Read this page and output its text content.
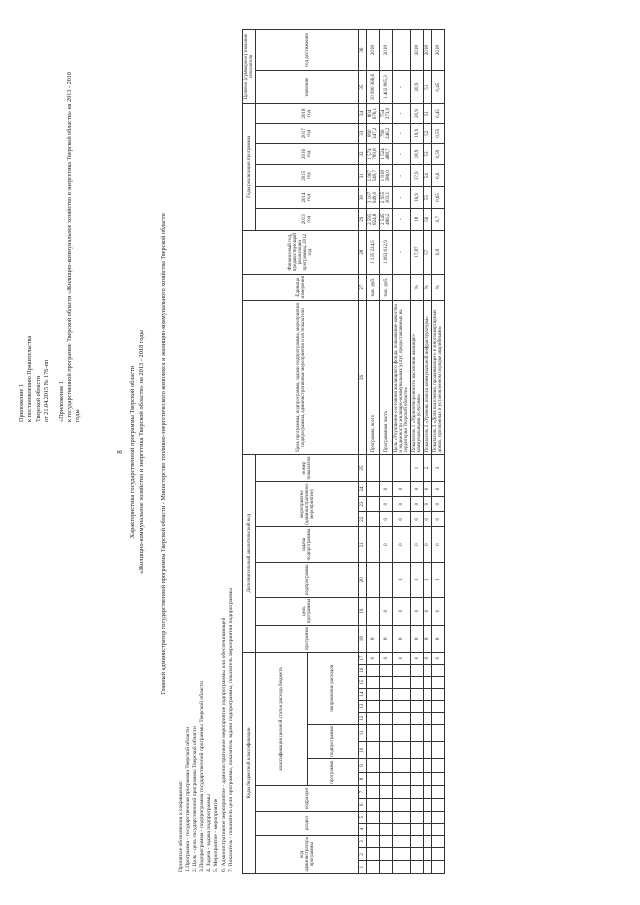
8
Приложение 1 к постановлению Правительства Тверской области от 21.04.2015 № 176-пп «Приложение 1 к государственной программе Тверской области «Жилищно-коммунальное хозяйство и энергетика Тверской области» на 2013 - 2018 годы	Характеристика государственной программы Тверской области «Жилищно-коммунальное хозяйство и энергетика Тверской области» на 2013 - 2018 годы Главный администратор государственной программы Тверской области - Министерство топливно-энергетического комплекса и жилищно-коммунального хозяйства Тверской области
Принятые обозначения и сокращения: 1.Программа - государственная программа Тверской области 2. Цель - цель государственной программы Тверской области 3.Подпрограмма - подпрограмма государственной программы Тверской области 4. Задача - задача подпрограммы 5. Мероприятие - мероприятие 6. Административное мероприятие - административное мероприятие подпрограммы или обеспечивающей 7. Показатель - показатель цели программы, показатель задачи подпрограммы, показатель мероприятия подпрограммы	Коды бюджетной классификации																	Дополнительный аналитический код								Цель программы, подпрограмма, задачи подпрограммы, мероприятия подпрограммы, административные мероприятия и их показатели	Единица измерения	Финансовый год, предшествующий реализации программы, 2012 год	Годы реализации программы						Целевое (суммарное) значение показателя	
код администратора программы			раздел		подраздел		классификация целевой статьи расхода бюджета										программа	цель программы	подпрограмма	задача подпрограммы	мероприятие (административное мероприятие)			номер показателя				2013 год	2014 год	2015 год	2016 год	2017 год	2018 год	значение	год достижения
							программа		подпрограмма		направление расходов																								
1	2	3	4	5	6	7	8	9	10	11	12	13	14	15	16	17	18	19	20	21	22	23	24	25	26	27	28	29	30	31	32	33	34	35	36
																0	8								Программа, всего	тыс. руб.	1 135 224,5	2 595 824,8	3 107 949,0	1 967 549,7	1 574 789,8	890 347,2	804 676,1	10 990 366,6	2018
																0	8	0		0	0	0	0		Программная часть	тыс. руб.	1 063 612,9	2 545 486,2	2 955 303,1	1 918 386,0	1 524 488,7	799 246,2	754 273,9	1 402 805,3	2018
																0	8	0	1	0	0	0	0		Цель «Улучшение состояния жилищного фонда, повышение качества и надежности жилищно-коммунальных услуг, предоставляемых на территории Тверской области»		-	-	-	-	-	-	-	-	
																0	8	0	1	0	0	0	0	1	Показатель 1 «Удовлетворенность населения жилищно-коммунальными услугами»	%	17,87	18	16,9	17,9	18,9	19,9	20,9	20,9	2018
																0	8	0	1	0	0	0	0	2	Показатель 2 «Уровень износа коммунальной инфраструктуры»	%	57	56	55	54	53	52	51	51	2018
																0	8	0	1	0	0	0	0	3	Показатель 3 «Доля населения, проживающего в многоквартирных домах, признанных в установленном порядке аварийными»	%	0,8	0,7	0,65	0,6	0,59	0,55	0,45	0,45	2018
